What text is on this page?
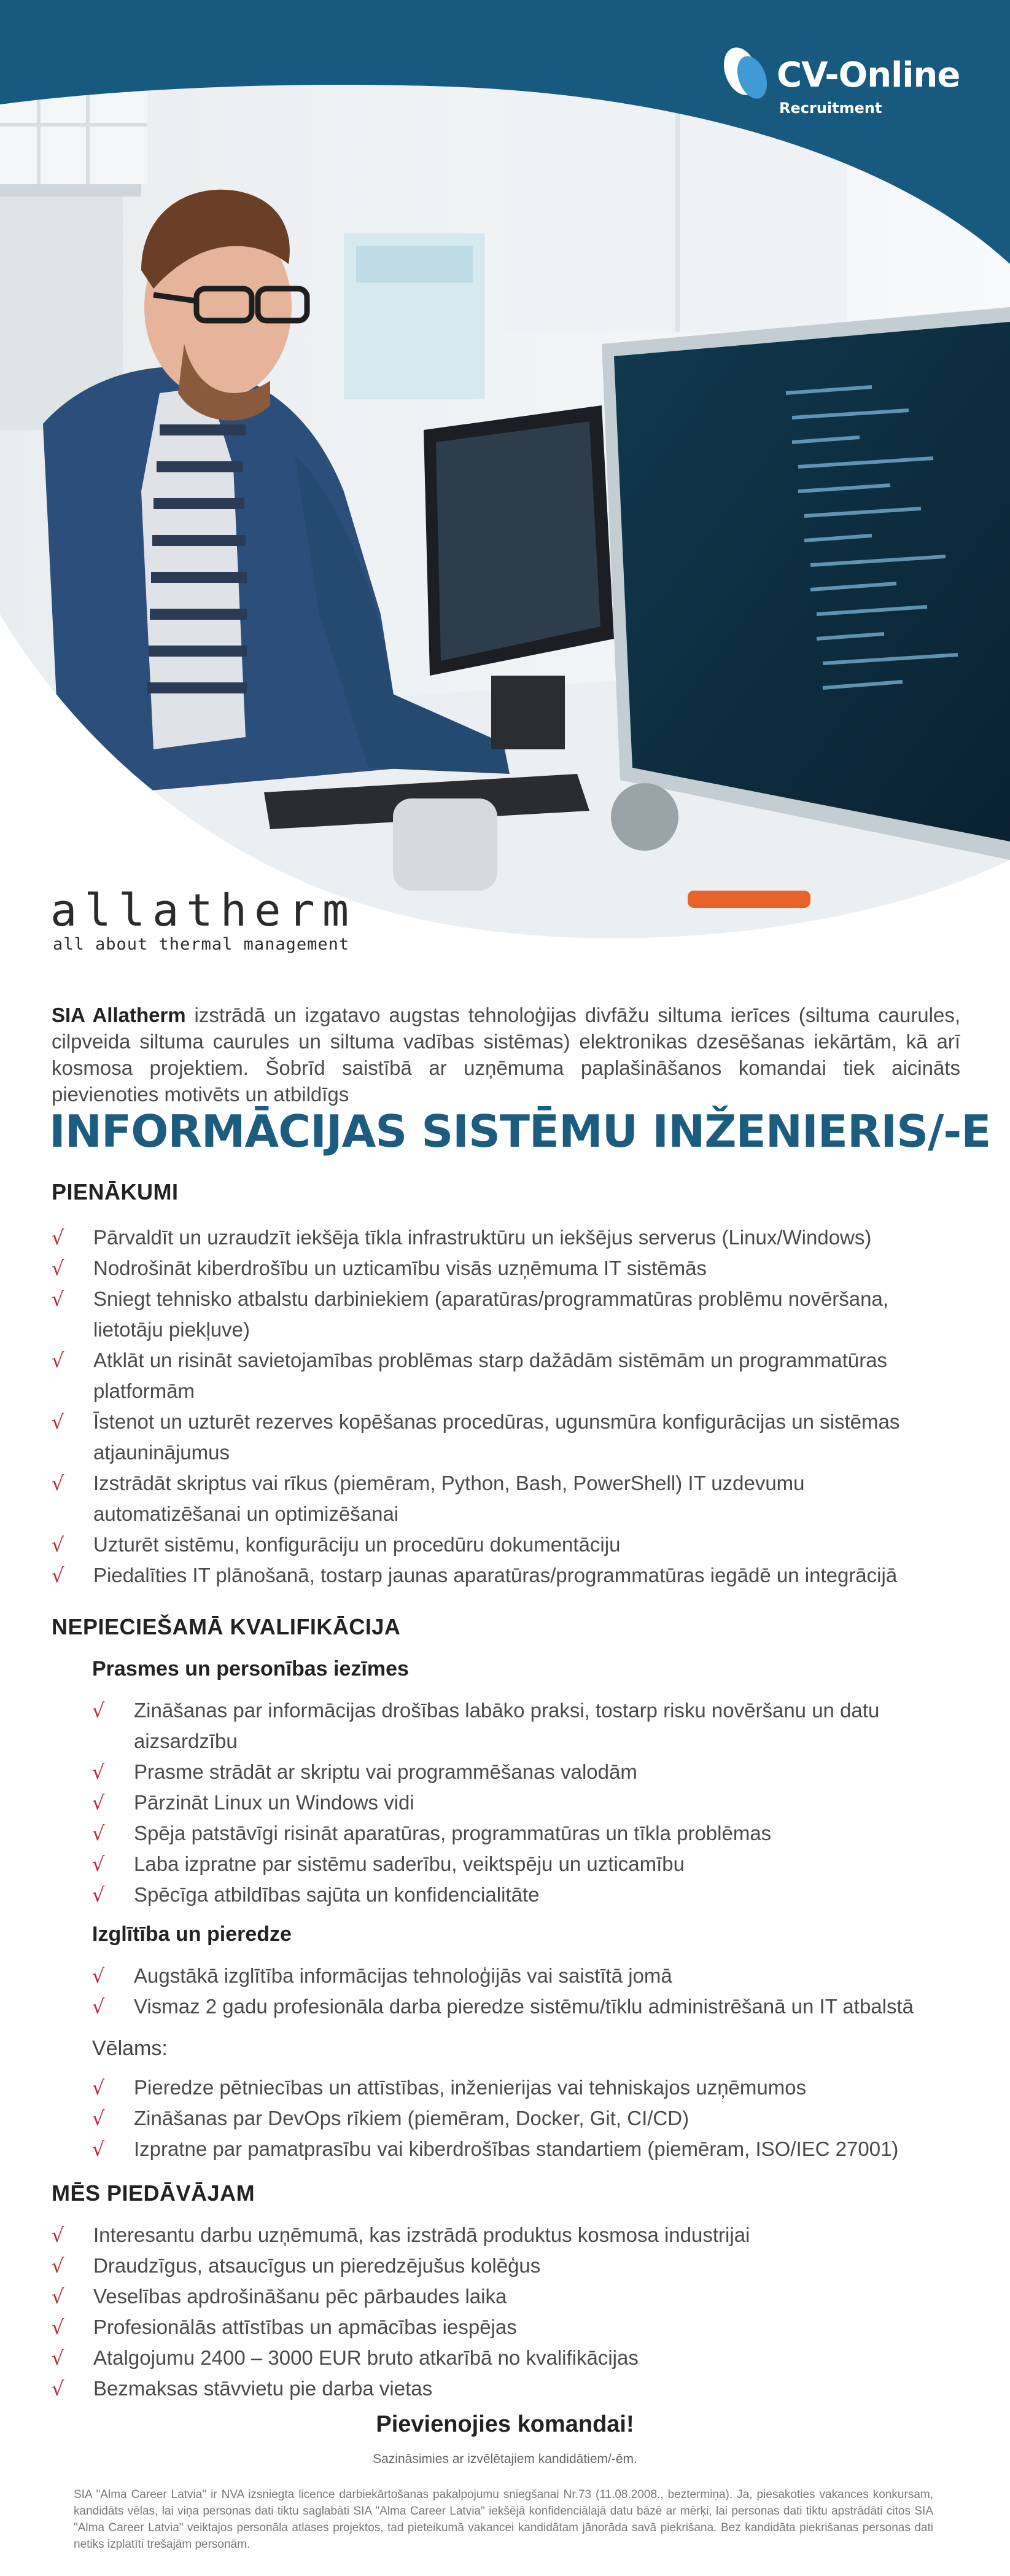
CV-Online
Recruitment
allatherm
all about thermal management

SIA Allatherm izstrādā un izgatavo augstas tehnoloģijas divfāžu siltuma ierīces (siltuma caurules, cilpveida siltuma caurules un siltuma vadības sistēmas) elektronikas dzesēšanas iekārtām, kā arī kosmosa projektiem. Šobrīd saistībā ar uzņēmuma paplašināšanos komandai tiek aicināts pievienoties motivēts un atbildīgs

INFORMĀCIJAS SISTĒMU INŽENIERIS/-E
PIENĀKUMI
√ Pārvaldīt un uzraudzīt iekšēja tīkla infrastruktūru un iekšējus serverus (Linux/Windows)
√ Nodrošināt kiberdrošību un uzticamību visās uzņēmuma IT sistēmās
√ Sniegt tehnisko atbalstu darbiniekiem (aparatūras/programmatūras problēmu novēršana, lietotāju piekļuve)
√ Atklāt un risināt savietojamības problēmas starp dažādām sistēmām un programmatūras platformām
√ Īstenot un uzturēt rezerves kopēšanas procedūras, ugunsmūra konfigurācijas un sistēmas atjauninājumus
√ Izstrādāt skriptus vai rīkus (piemēram, Python, Bash, PowerShell) IT uzdevumu automatizēšanai un optimizēšanai
√ Uzturēt sistēmu, konfigurāciju un procedūru dokumentāciju
√ Piedalīties IT plānošanā, tostarp jaunas aparatūras/programmatūras iegādē un integrācijā
NEPIECIEŠAMĀ KVALIFIKĀCIJA
Prasmes un personības iezīmes
√ Zināšanas par informācijas drošības labāko praksi, tostarp risku novēršanu un datu aizsardzību
√ Prasme strādāt ar skriptu vai programmēšanas valodām
√ Pārzināt Linux un Windows vidi
√ Spēja patstāvīgi risināt aparatūras, programmatūras un tīkla problēmas
√ Laba izpratne par sistēmu saderību, veiktspēju un uzticamību
√ Spēcīga atbildības sajūta un konfidencialitāte
Izglītība un pieredze
√ Augstākā izglītība informācijas tehnoloģijās vai saistītā jomā
√ Vismaz 2 gadu profesionāla darba pieredze sistēmu/tīklu administrēšanā un IT atbalstā
Vēlams:
√ Pieredze pētniecības un attīstības, inženierijas vai tehniskajos uzņēmumos
√ Zināšanas par DevOps rīkiem (piemēram, Docker, Git, CI/CD)
√ Izpratne par pamatprasību vai kiberdrošības standartiem (piemēram, ISO/IEC 27001)
MĒS PIEDĀVĀJAM
√ Interesantu darbu uzņēmumā, kas izstrādā produktus kosmosa industrijai
√ Draudzīgus, atsaucīgus un pieredzējušus kolēģus
√ Veselības apdrošināšanu pēc pārbaudes laika
√ Profesionālās attīstības un apmācības iespējas
√ Atalgojumu 2400 – 3000 EUR bruto atkarībā no kvalifikācijas
√ Bezmaksas stāvvietu pie darba vietas
Pievienojies komandai!
Sazināsimies ar izvēlētajiem kandidātiem/-ēm.
SIA "Alma Career Latvia" ir NVA izsniegta licence darbiekārtošanas pakalpojumu sniegšanai Nr.73 (11.08.2008., beztermiņa). Ja, piesakoties vakances konkursam, kandidāts vēlas, lai viņa personas dati tiktu saglabāti SIA "Alma Career Latvia" iekšējā konfidenciālajā datu bāzē ar mērķi, lai personas dati tiktu apstrādāti citos SIA "Alma Career Latvia" veiktajos personāla atlases projektos, tad pieteikumā vakancei kandidātam jānorāda savā piekrišana. Bez kandidāta piekrišanas personas dati netiks izplatīti trešajām personām.
